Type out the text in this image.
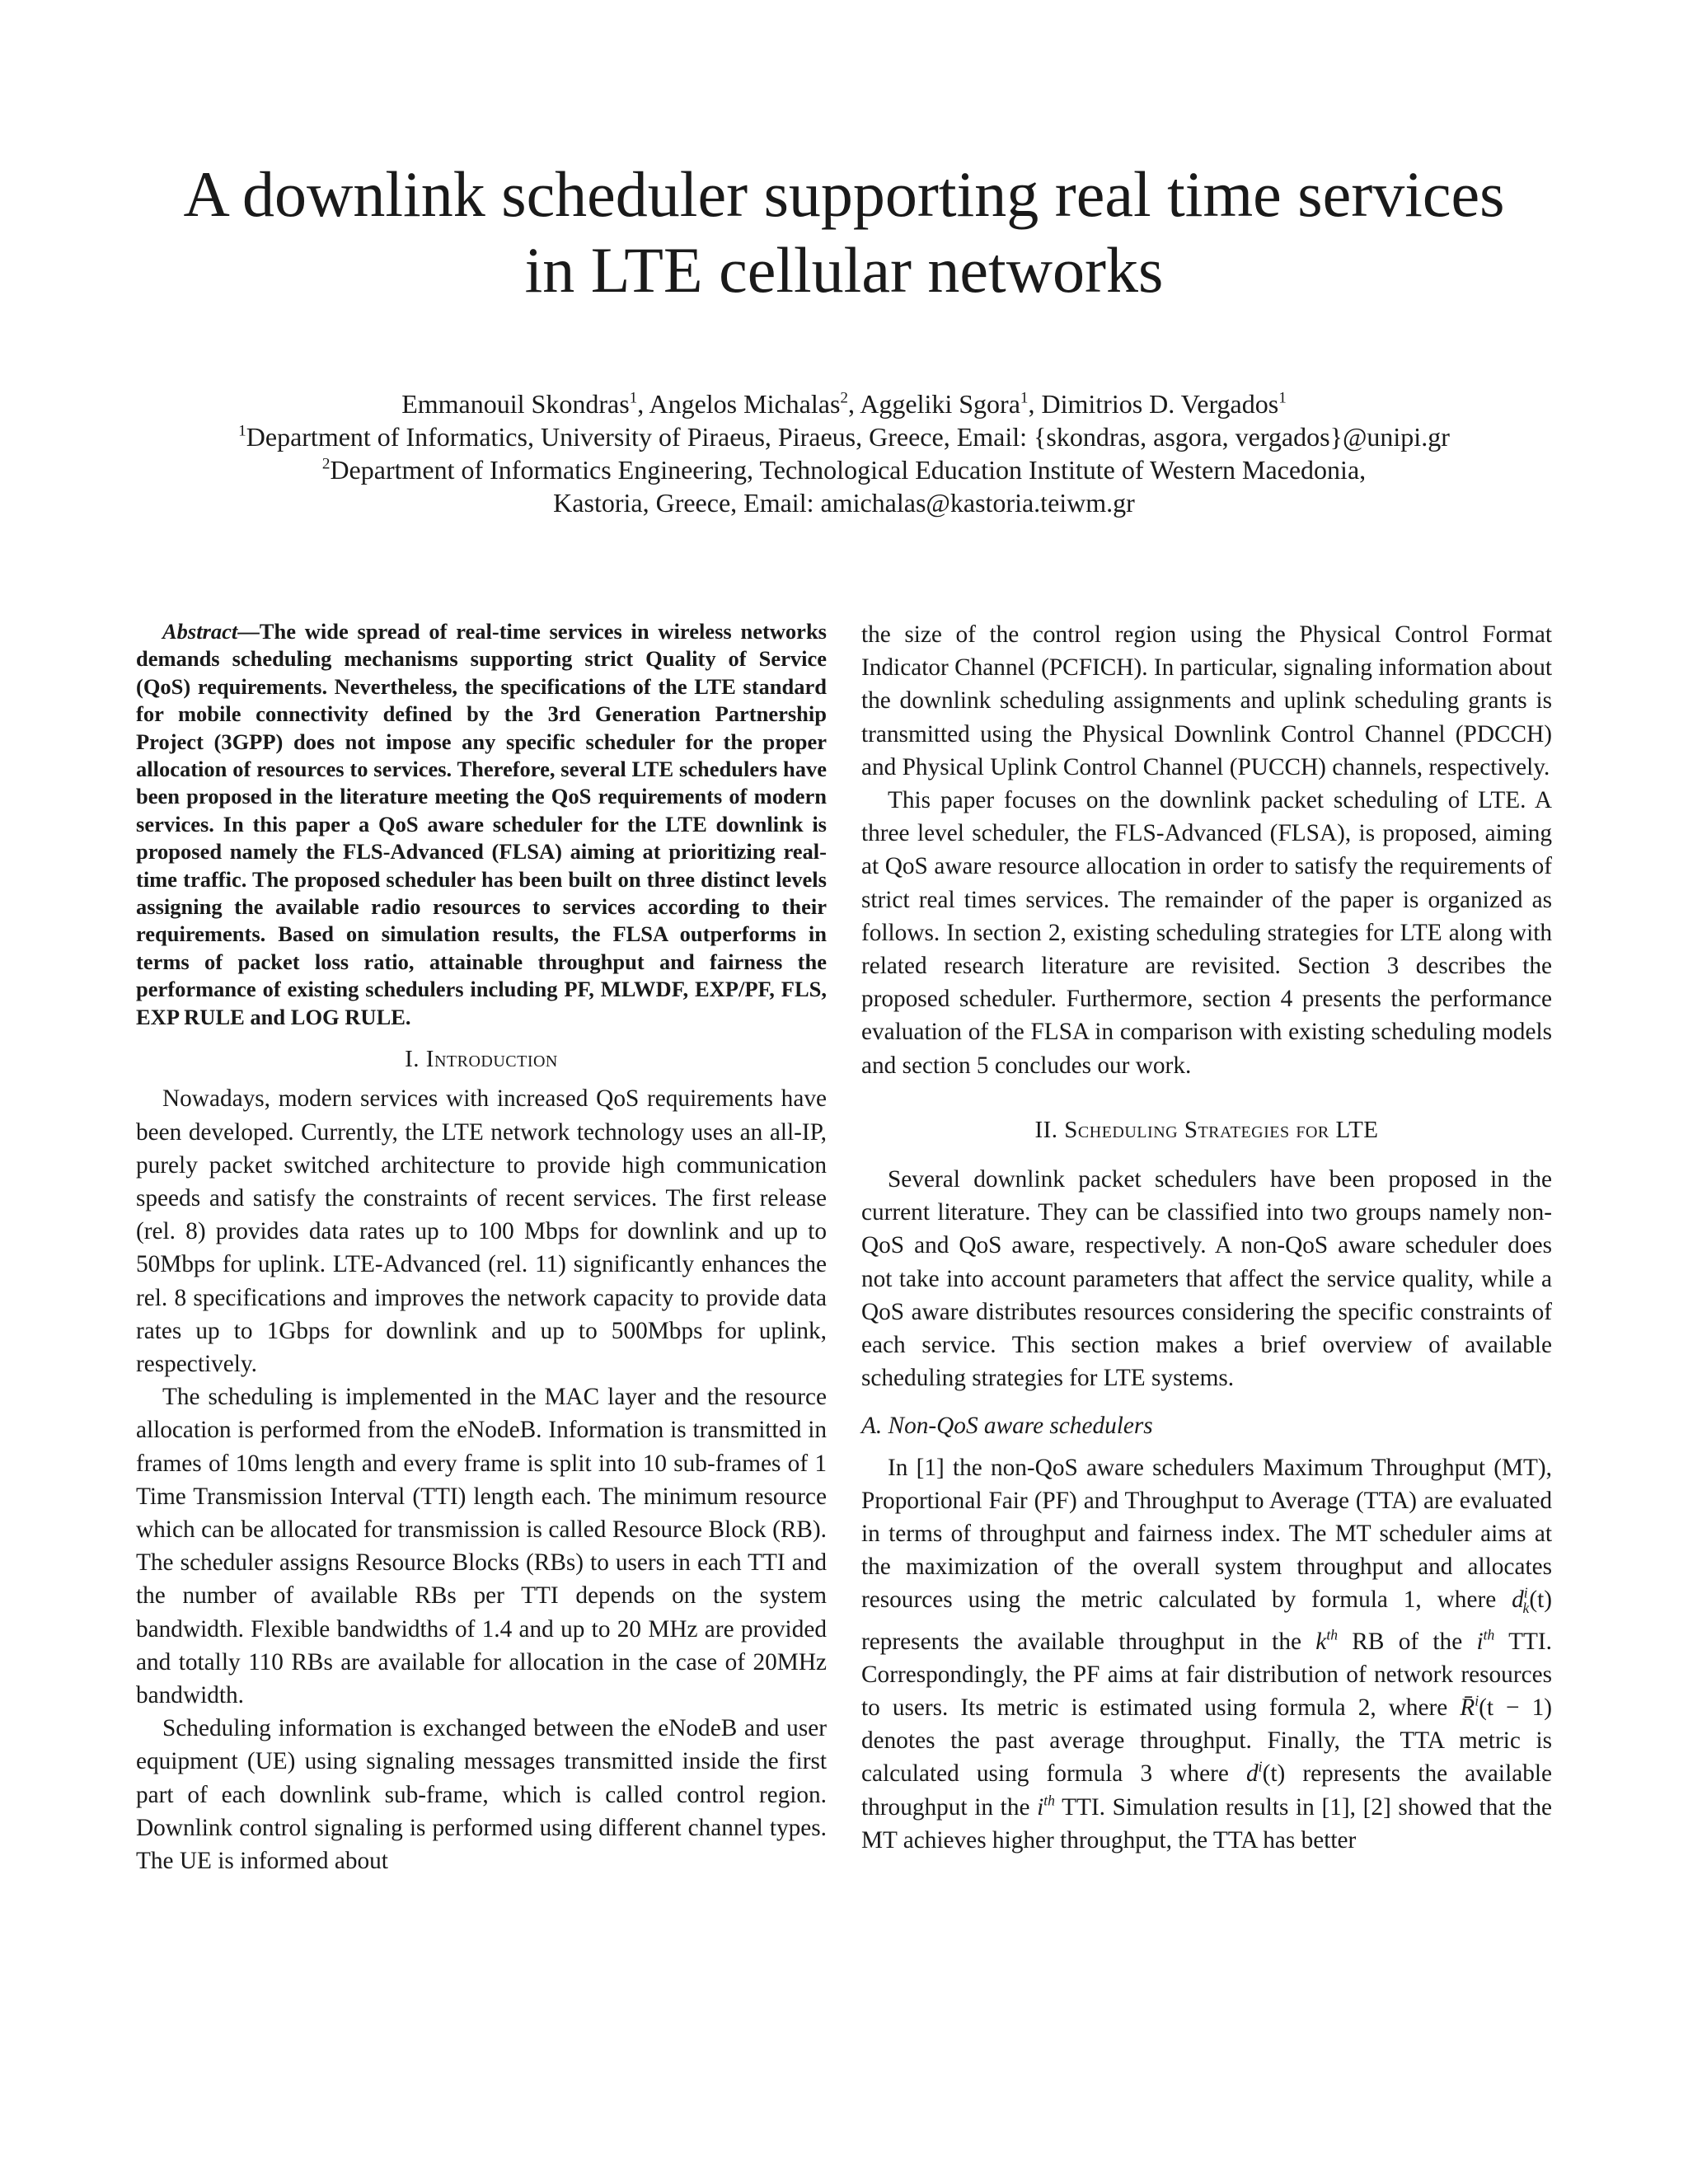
A downlink scheduler supporting real time services
in LTE cellular networks
Emmanouil Skondras$^1$, Angelos Michalas$^2$, Aggeliki Sgora$^1$, Dimitrios D. Vergados$^1$
$^1$Department of Informatics, University of Piraeus, Piraeus, Greece, Email: {skondras, asgora, vergados}@unipi.gr
$^2$Department of Informatics Engineering, Technological Education Institute of Western Macedonia,
Kastoria, Greece, Email: amichalas@kastoria.teiwm.gr

Abstract—The wide spread of real-time services in wireless networks demands scheduling mechanisms supporting strict Quality of Service (QoS) requirements. Nevertheless, the specifications of the LTE standard for mobile connectivity defined by the 3rd Generation Partnership Project (3GPP) does not impose any specific scheduler for the proper allocation of resources to services. Therefore, several LTE schedulers have been proposed in the literature meeting the QoS requirements of modern services. In this paper a QoS aware scheduler for the LTE downlink is proposed namely the FLS-Advanced (FLSA) aiming at prioritizing real-time traffic. The proposed scheduler has been built on three distinct levels assigning the available radio resources to services according to their requirements. Based on simulation results, the FLSA outperforms in terms of packet loss ratio, attainable throughput and fairness the performance of existing schedulers including PF, MLWDF, EXP/PF, FLS, EXP RULE and LOG RULE.

I. Introduction

Nowadays, modern services with increased QoS requirements have been developed. Currently, the LTE network technology uses an all-IP, purely packet switched architecture to provide high communication speeds and satisfy the constraints of recent services. The first release (rel. 8) provides data rates up to 100 Mbps for downlink and up to 50Mbps for uplink. LTE-Advanced (rel. 11) significantly enhances the rel. 8 specifications and improves the network capacity to provide data rates up to 1Gbps for downlink and up to 500Mbps for uplink, respectively.

The scheduling is implemented in the MAC layer and the resource allocation is performed from the eNodeB. Information is transmitted in frames of 10ms length and every frame is split into 10 sub-frames of 1 Time Transmission Interval (TTI) length each. The minimum resource which can be allocated for transmission is called Resource Block (RB). The scheduler assigns Resource Blocks (RBs) to users in each TTI and the number of available RBs per TTI depends on the system bandwidth. Flexible bandwidths of 1.4 and up to 20 MHz are provided and totally 110 RBs are available for allocation in the case of 20MHz bandwidth.

Scheduling information is exchanged between the eNodeB and user equipment (UE) using signaling messages transmitted inside the first part of each downlink sub-frame, which is called control region. Downlink control signaling is performed using different channel types. The UE is informed about

the size of the control region using the Physical Control Format Indicator Channel (PCFICH). In particular, signaling information about the downlink scheduling assignments and uplink scheduling grants is transmitted using the Physical Downlink Control Channel (PDCCH) and Physical Uplink Control Channel (PUCCH) channels, respectively.

This paper focuses on the downlink packet scheduling of LTE. A three level scheduler, the FLS-Advanced (FLSA), is proposed, aiming at QoS aware resource allocation in order to satisfy the requirements of strict real times services. The remainder of the paper is organized as follows. In section 2, existing scheduling strategies for LTE along with related research literature are revisited. Section 3 describes the proposed scheduler. Furthermore, section 4 presents the performance evaluation of the FLSA in comparison with existing scheduling models and section 5 concludes our work.

II. Scheduling Strategies for LTE

Several downlink packet schedulers have been proposed in the current literature. They can be classified into two groups namely non-QoS and QoS aware, respectively. A non-QoS aware scheduler does not take into account parameters that affect the service quality, while a QoS aware distributes resources considering the specific constraints of each service. This section makes a brief overview of available scheduling strategies for LTE systems.

A. Non-QoS aware schedulers

In [1] the non-QoS aware schedulers Maximum Throughput (MT), Proportional Fair (PF) and Throughput to Average (TTA) are evaluated in terms of throughput and fairness index. The MT scheduler aims at the maximization of the overall system throughput and allocates resources using the metric calculated by formula 1, where $d^i_k(t)$ represents the available throughput in the $k^{th}$ RB of the $i^{th}$ TTI. Correspondingly, the PF aims at fair distribution of network resources to users. Its metric is estimated using formula 2, where R̄$^i$(t − 1) denotes the past average throughput. Finally, the TTA metric is calculated using formula 3 where $d^i(t)$ represents the available throughput in the $i^{th}$ TTI. Simulation results in [1], [2] showed that the MT achieves higher throughput, the TTA has better
